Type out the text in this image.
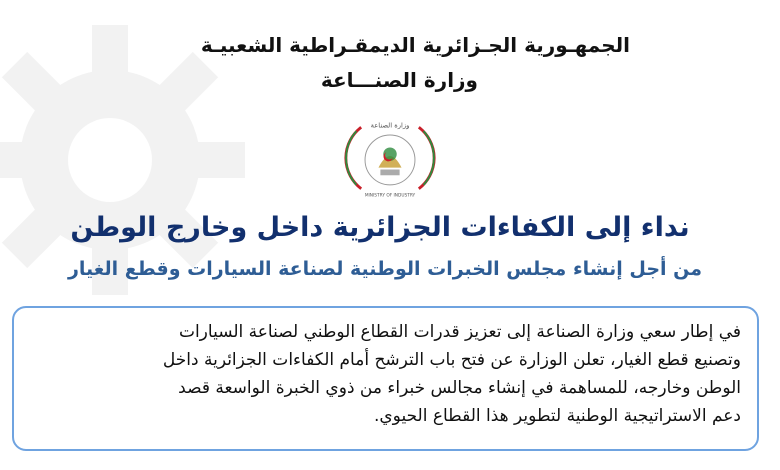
الجمهـورية الجـزائرية الديمقـراطية الشعبيـة
وزارة الصنـــاعة
وزارة الصناعة
MINISTRY OF INDUSTRY
نداء إلى الكفاءات الجزائرية داخل وخارج الوطن
من أجل إنشاء مجلس الخبرات الوطنية لصناعة السيارات وقطع الغيار
في إطار سعي وزارة الصناعة إلى تعزيز قدرات القطاع الوطني لصناعة السيارات
وتصنيع قطع الغيار، تعلن الوزارة عن فتح باب الترشح أمام الكفاءات الجزائرية داخل
الوطن وخارجه، للمساهمة في إنشاء مجالس خبراء من ذوي الخبرة الواسعة قصد
دعم الاستراتيجية الوطنية لتطوير هذا القطاع الحيوي.
